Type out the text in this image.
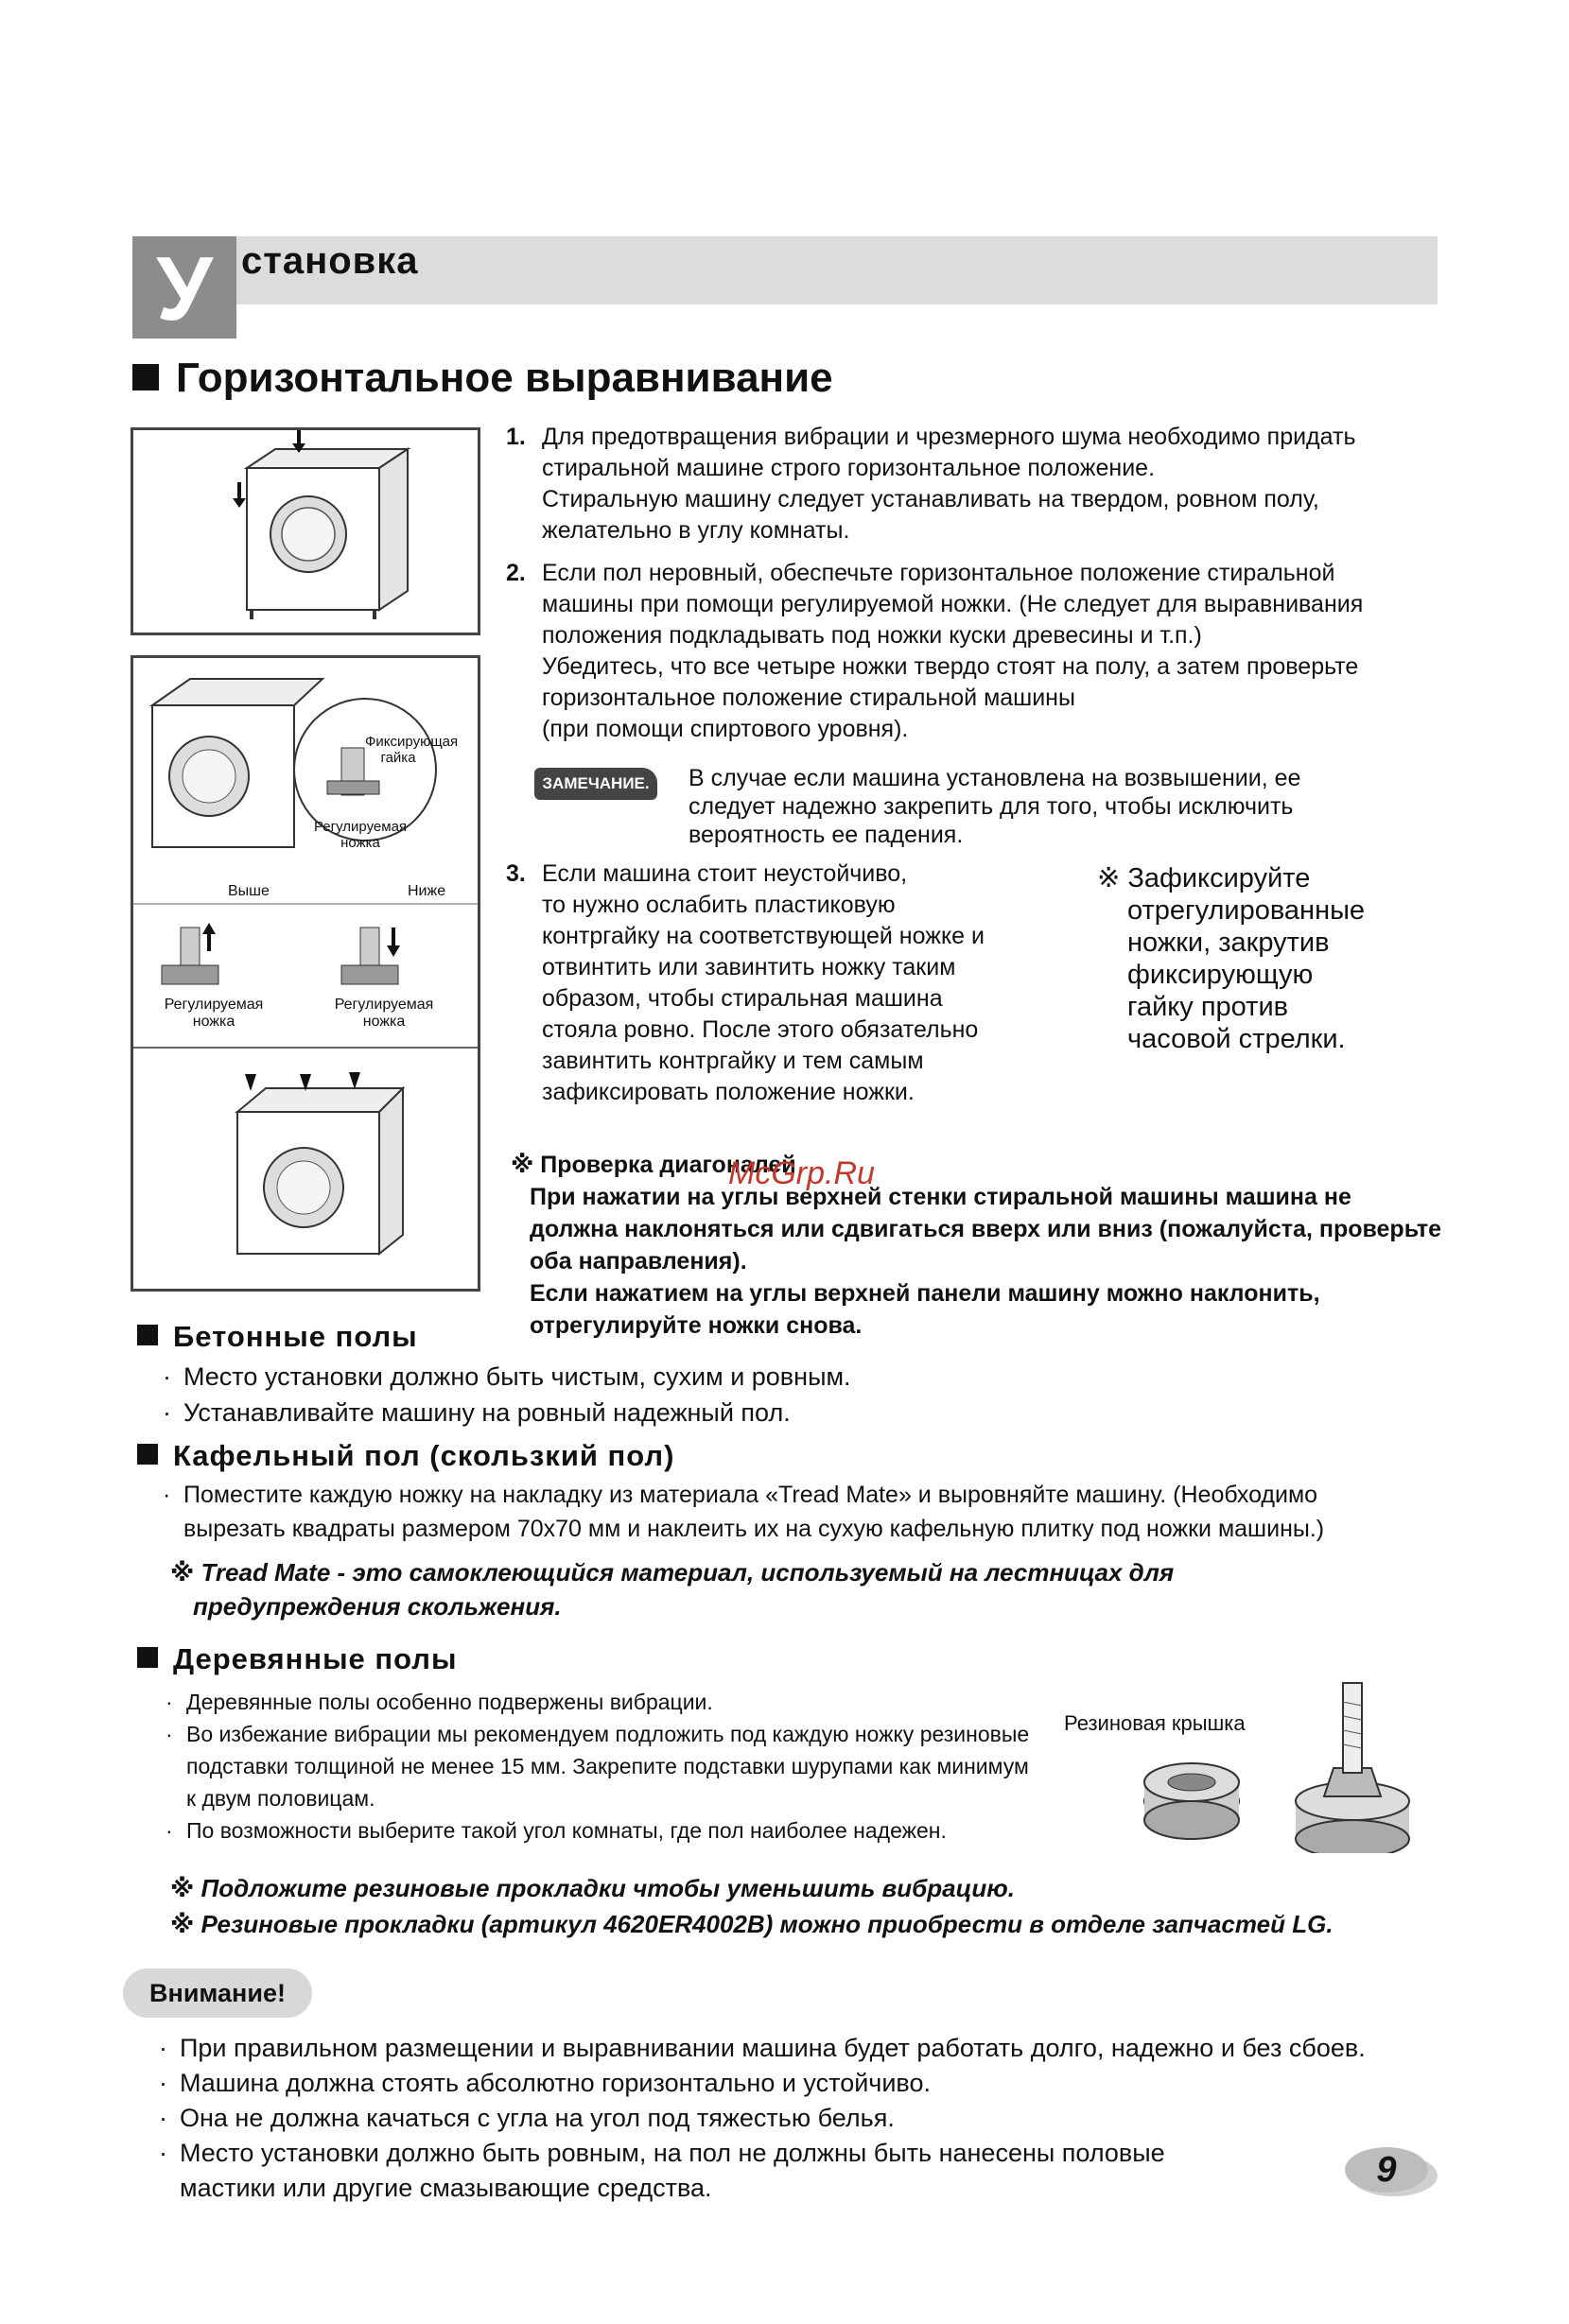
У становка
Горизонтальное выравнивание
Фиксирующая гайка
Регулируемая ножка
Выше	Ниже
Регулируемая ножка
Регулируемая ножка
1. Для предотвращения вибрации и чрезмерного шума необходимо придать
стиральной машине строго горизонтальное положение.
Стиральную машину следует устанавливать на твердом, ровном полу,
желательно в углу комнаты.
2. Если пол неровный, обеспечьте горизонтальное положение стиральной
машины при помощи регулируемой ножки. (Не следует для выравнивания
положения подкладывать под ножки куски древесины и т.п.)
Убедитесь, что все четыре ножки твердо стоят на полу, а затем проверьте
горизонтальное положение стиральной машины
(при помощи спиртового уровня).
ЗАМЕЧАНИЕ.	В случае если машина установлена на возвышении, ее
следует надежно закрепить для того, чтобы исключить
вероятность ее падения.
3. Если машина стоит неустойчиво,
то нужно ослабить пластиковую
контргайку на соответствующей ножке и
отвинтить или завинтить ножку таким
образом, чтобы стиральная машина
стояла ровно. После этого обязательно
завинтить контргайку и тем самым
зафиксировать положение ножки.
※ Зафиксируйте
отрегулированные
ножки, закрутив
фиксирующую
гайку против
часовой стрелки.
※ Проверка диагоналей
При нажатии на углы верхней стенки стиральной машины машина не
должна наклоняться или сдвигаться вверх или вниз (пожалуйста, проверьте
оба направления).
Если нажатием на углы верхней панели машину можно наклонить,
отрегулируйте ножки снова.
McGrp.Ru
Бетонные полы
· Место установки должно быть чистым, сухим и ровным.
· Устанавливайте машину на ровный надежный пол.
Кафельный пол (скользкий пол)
· Поместите каждую ножку на накладку из материала «Tread Mate» и выровняйте машину. (Необходимо вырезать квадраты размером 70x70 мм и наклеить их на сухую кафельную плитку под ножки машины.)
※ Tread Mate - это самоклеющийся материал, используемый на лестницах для
предупреждения скольжения.
Деревянные полы
· Деревянные полы особенно подвержены вибрации.
· Во избежание вибрации мы рекомендуем подложить под каждую ножку резиновые подставки толщиной не менее 15 мм. Закрепите подставки шурупами как минимум к двум половицам.
· По возможности выберите такой угол комнаты, где пол наиболее надежен.
※ Подложите резиновые прокладки чтобы уменьшить вибрацию.
※ Резиновые прокладки (артикул 4620ER4002B) можно приобрести в отделе запчастей LG.
Резиновая крышка
Внимание!
· При правильном размещении и выравнивании машина будет работать долго, надежно и без сбоев.
· Машина должна стоять абсолютно горизонтально и устойчиво.
· Она не должна качаться с угла на угол под тяжестью белья.
· Место установки должно быть ровным, на пол не должны быть нанесены половые мастики или другие смазывающие средства.	9
